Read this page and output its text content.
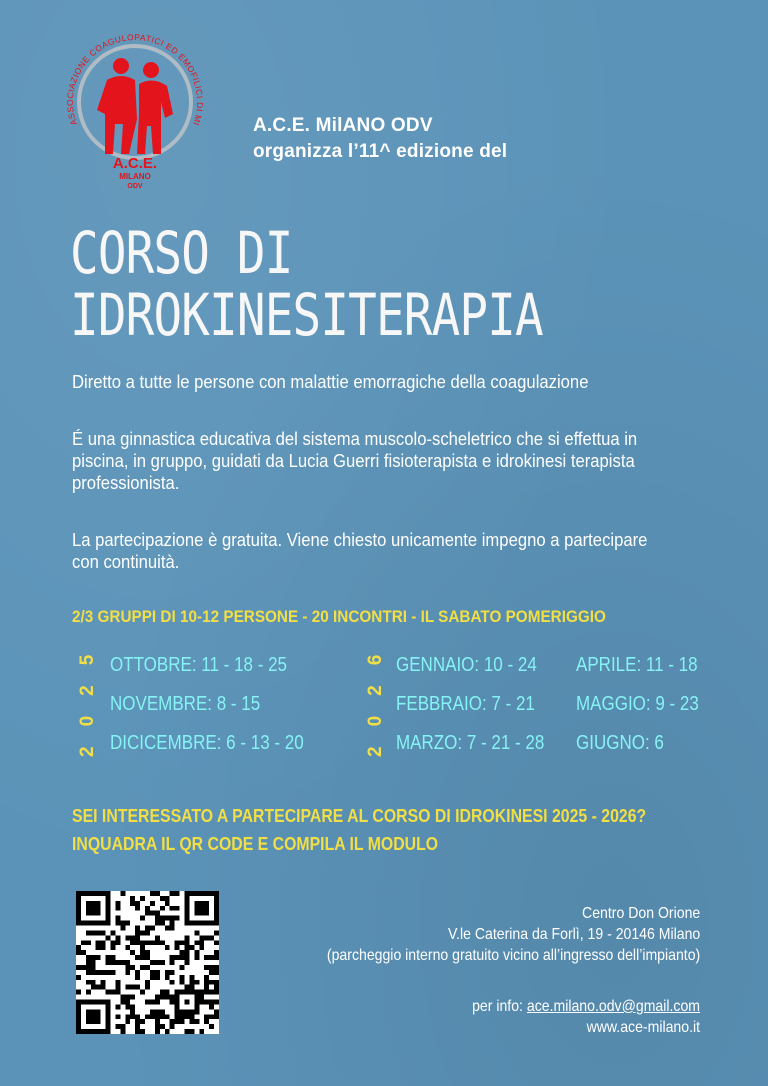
ASSOCIAZIONE COAGULOPATICI ED EMOFILICI DI MI
A.C.E.
MILANO
ODV
A.C.E. MilANO ODV
organizza l’11^ edizione del
CORSO DI
IDROKINESITERAPIA
Diretto a tutte le persone con malattie emorragiche della coagulazione
É una ginnastica educativa del sistema muscolo-scheletrico che si effettua in
piscina, in gruppo, guidati da Lucia Guerri fisioterapista e idrokinesi terapista
professionista.
La partecipazione è gratuita. Viene chiesto unicamente impegno a partecipare
con continuità.
2/3 GRUPPI DI 10-12 PERSONE - 20 INCONTRI - IL SABATO POMERIGGIO
2025	2026
OTTOBRE: 11 - 18 - 25
NOVEMBRE: 8 - 15
DICICEMBRE: 6 - 13 - 20
GENNAIO: 10 - 24
FEBBRAIO: 7 - 21
MARZO: 7 - 21 - 28
APRILE: 11 - 18
MAGGIO: 9 - 23
GIUGNO: 6
SEI INTERESSATO A PARTECIPARE AL CORSO DI IDROKINESI 2025 - 2026?
INQUADRA IL QR CODE E COMPILA IL MODULO
Centro Don Orione
V.le Caterina da Forlì, 19 - 20146 Milano
(parcheggio interno gratuito vicino all’ingresso dell’impianto)
per info: ace.milano.odv@gmail.com
www.ace-milano.it
